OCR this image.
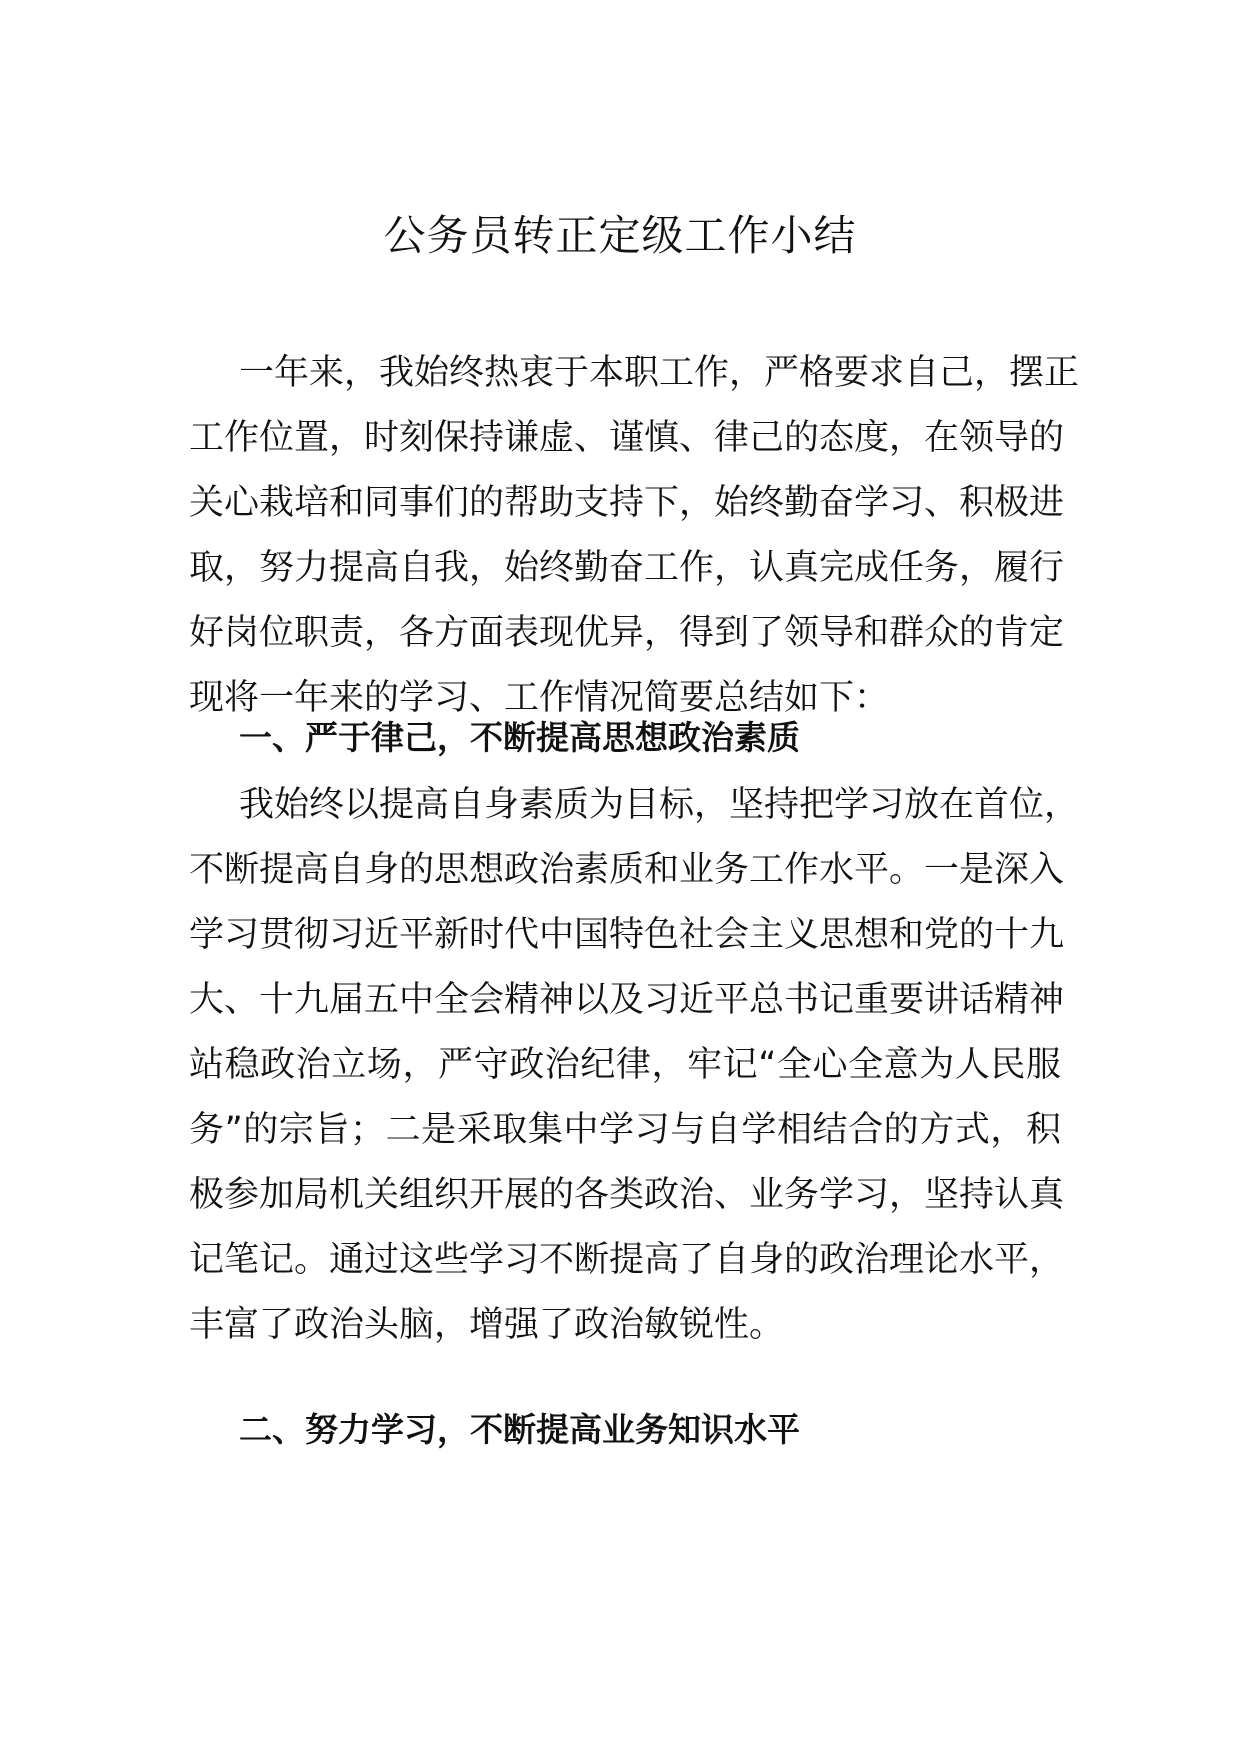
公务员转正定级工作小结
一年来，我始终热衷于本职工作，严格要求自己，摆正
工作位置，时刻保持谦虚、谨慎、律己的态度，在领导的
关心栽培和同事们的帮助支持下，始终勤奋学习、积极进
取，努力提高自我，始终勤奋工作，认真完成任务，履行
好岗位职责，各方面表现优异，得到了领导和群众的肯定
现将一年来的学习、工作情况简要总结如下：
一、严于律己，不断提高思想政治素质
我始终以提高自身素质为目标，坚持把学习放在首位，
不断提高自身的思想政治素质和业务工作水平。一是深入
学习贯彻习近平新时代中国特色社会主义思想和党的十九
大、十九届五中全会精神以及习近平总书记重要讲话精神
站稳政治立场，严守政治纪律，牢记“全心全意为人民服
务”的宗旨；二是采取集中学习与自学相结合的方式，积
极参加局机关组织开展的各类政治、业务学习，坚持认真
记笔记。通过这些学习不断提高了自身的政治理论水平，
丰富了政治头脑，增强了政治敏锐性。
二、努力学习，不断提高业务知识水平
